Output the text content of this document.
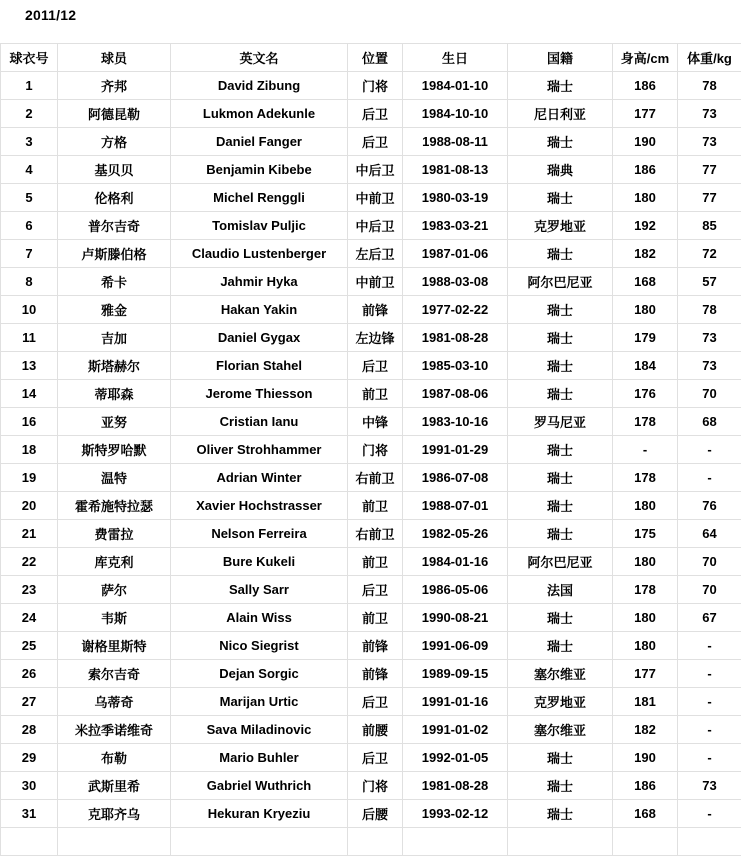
2011/12
球衣号	球员	英文名	位置	生日	国籍	身高/cm	体重/kg
1	齐邦	David Zibung	门将	1984-01-10	瑞士	186	78
2	阿德昆勒	Lukmon Adekunle	后卫	1984-10-10	尼日利亚	177	73
3	方格	Daniel Fanger	后卫	1988-08-11	瑞士	190	73
4	基贝贝	Benjamin Kibebe	中后卫	1981-08-13	瑞典	186	77
5	伦格利	Michel Renggli	中前卫	1980-03-19	瑞士	180	77
6	普尔吉奇	Tomislav Puljic	中后卫	1983-03-21	克罗地亚	192	85
7	卢斯滕伯格	Claudio Lustenberger	左后卫	1987-01-06	瑞士	182	72
8	希卡	Jahmir Hyka	中前卫	1988-03-08	阿尔巴尼亚	168	57
10	雅金	Hakan Yakin	前锋	1977-02-22	瑞士	180	78
11	吉加	Daniel Gygax	左边锋	1981-08-28	瑞士	179	73
13	斯塔赫尔	Florian Stahel	后卫	1985-03-10	瑞士	184	73
14	蒂耶森	Jerome Thiesson	前卫	1987-08-06	瑞士	176	70
16	亚努	Cristian Ianu	中锋	1983-10-16	罗马尼亚	178	68
18	斯特罗哈默	Oliver Strohhammer	门将	1991-01-29	瑞士	-	-
19	温特	Adrian Winter	右前卫	1986-07-08	瑞士	178	-
20	霍希施特拉瑟	Xavier Hochstrasser	前卫	1988-07-01	瑞士	180	76
21	费雷拉	Nelson Ferreira	右前卫	1982-05-26	瑞士	175	64
22	库克利	Bure Kukeli	前卫	1984-01-16	阿尔巴尼亚	180	70
23	萨尔	Sally Sarr	后卫	1986-05-06	法国	178	70
24	韦斯	Alain Wiss	前卫	1990-08-21	瑞士	180	67
25	谢格里斯特	Nico Siegrist	前锋	1991-06-09	瑞士	180	-
26	索尔吉奇	Dejan Sorgic	前锋	1989-09-15	塞尔维亚	177	-
27	乌蒂奇	Marijan Urtic	后卫	1991-01-16	克罗地亚	181	-
28	米拉季诺维奇	Sava Miladinovic	前腰	1991-01-02	塞尔维亚	182	-
29	布勒	Mario Buhler	后卫	1992-01-05	瑞士	190	-
30	武斯里希	Gabriel Wuthrich	门将	1981-08-28	瑞士	186	73
31	克耶齐乌	Hekuran Kryeziu	后腰	1993-02-12	瑞士	168	-
